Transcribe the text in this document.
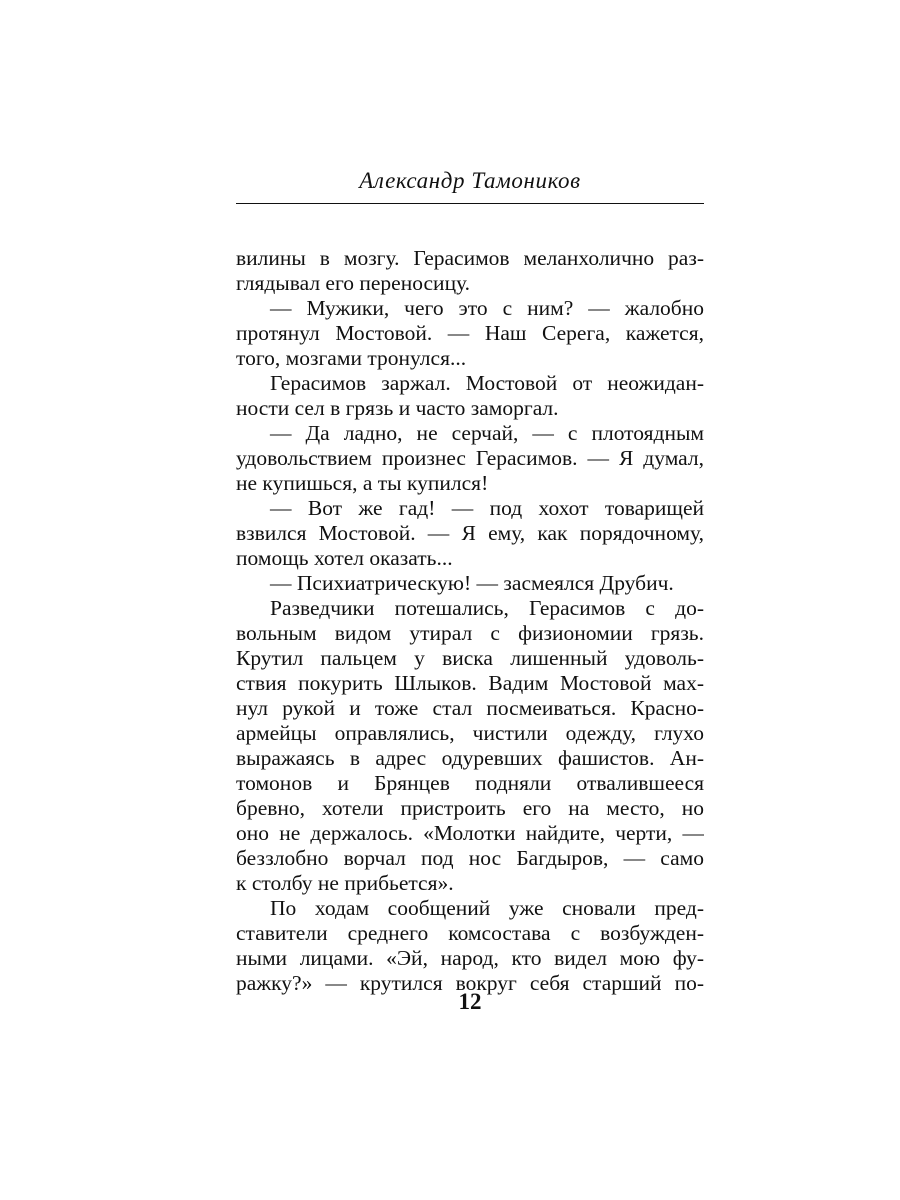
Александр Тамоников
вилины в мозгу. Герасимов меланхолично раз-
глядывал его переносицу.
— Мужики, чего это с ним? — жалобно
протянул Мостовой. — Наш Серега, кажется,
того, мозгами тронулся...
Герасимов заржал. Мостовой от неожидан-
ности сел в грязь и часто заморгал.
— Да ладно, не серчай, — с плотоядным
удовольствием произнес Герасимов. — Я думал,
не купишься, а ты купился!
— Вот же гад! — под хохот товарищей
взвился Мостовой. — Я ему, как порядочному,
помощь хотел оказать...
— Психиатрическую! — засмеялся Друбич.
Разведчики потешались, Герасимов с до-
вольным видом утирал с физиономии грязь.
Крутил пальцем у виска лишенный удоволь-
ствия покурить Шлыков. Вадим Мостовой мах-
нул рукой и тоже стал посмеиваться. Красно-
армейцы оправлялись, чистили одежду, глухо
выражаясь в адрес одуревших фашистов. Ан-
томонов и Брянцев подняли отвалившееся
бревно, хотели пристроить его на место, но
оно не держалось. «Молотки найдите, черти, —
беззлобно ворчал под нос Багдыров, — само
к столбу не прибьется».
По ходам сообщений уже сновали пред-
ставители среднего комсостава с возбужден-
ными лицами. «Эй, народ, кто видел мою фу-
ражку?» — крутился вокруг себя старший по-
12
